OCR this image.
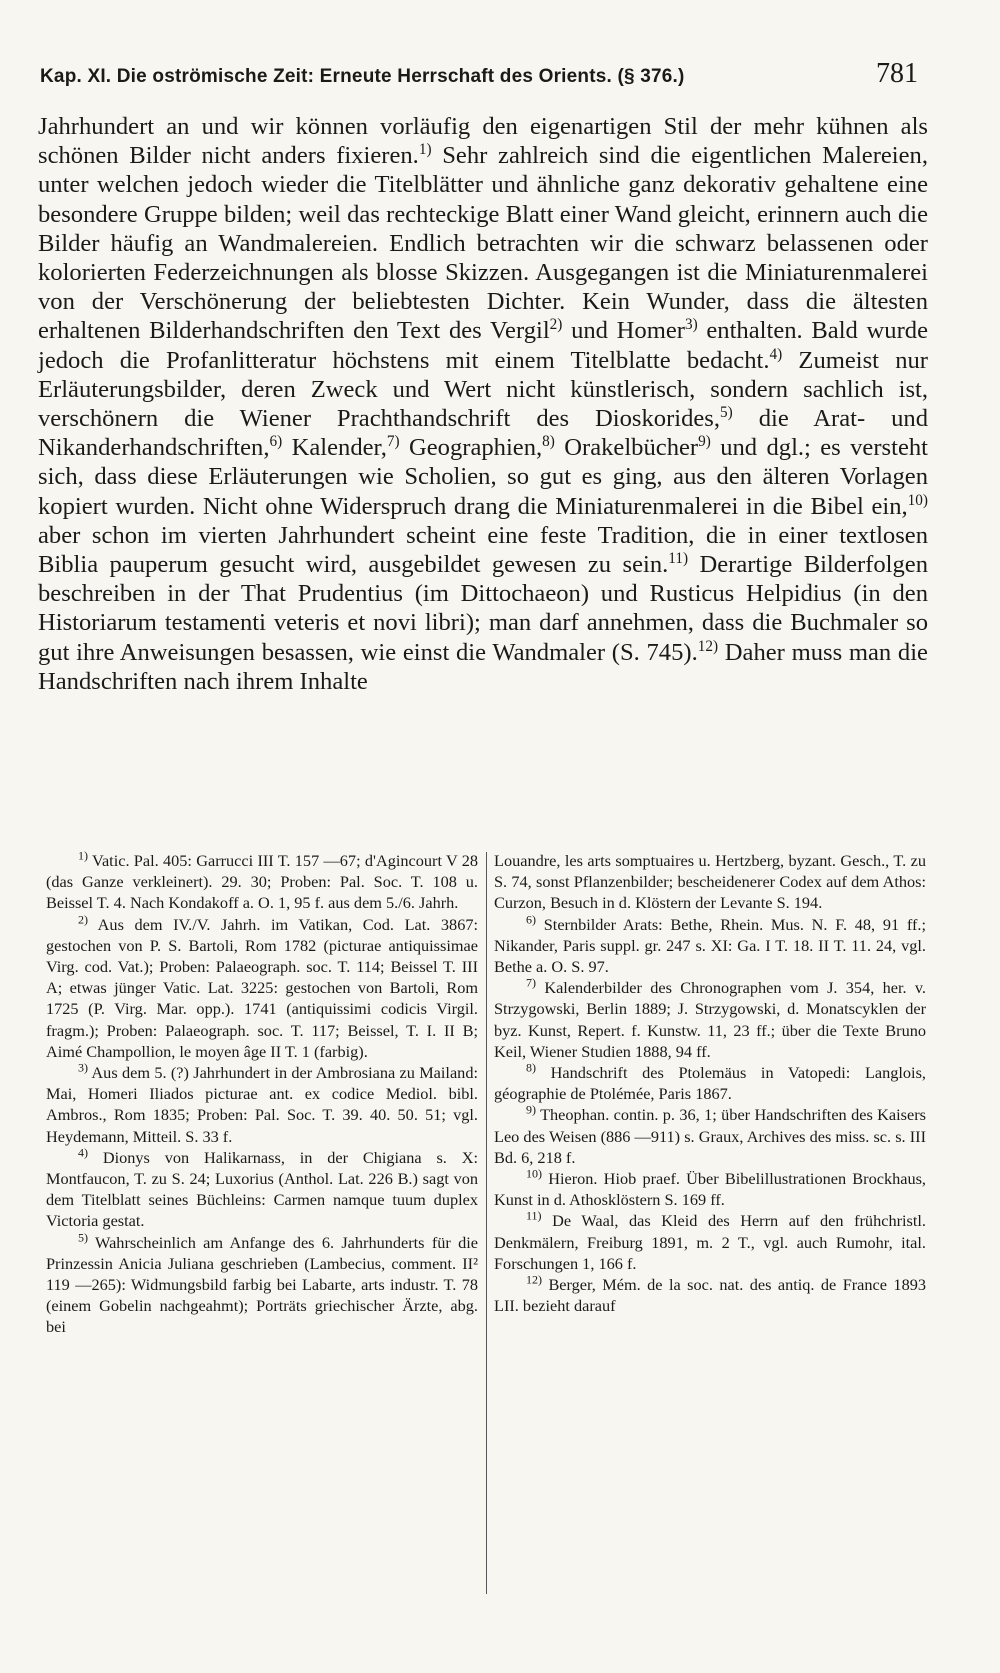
Kap. XI. Die oströmische Zeit: Erneute Herrschaft des Orients. (§ 376.)	781

Jahrhundert an und wir können vorläufig den eigenartigen Stil der mehr kühnen als schönen Bilder nicht anders fixieren.$^{1)}$ Sehr zahlreich sind die eigentlichen Malereien, unter welchen jedoch wieder die Titelblätter und ähnliche ganz dekorativ gehaltene eine besondere Gruppe bilden; weil das rechteckige Blatt einer Wand gleicht, erinnern auch die Bilder häufig an Wandmalereien. Endlich betrachten wir die schwarz belassenen oder kolorierten Federzeichnungen als blosse Skizzen. Ausgegangen ist die Miniaturenmalerei von der Verschönerung der beliebtesten Dichter. Kein Wunder, dass die ältesten erhaltenen Bilderhandschriften den Text des Vergil$^{2)}$ und Homer$^{3)}$ enthalten. Bald wurde jedoch die Profanlitteratur höchstens mit einem Titelblatte bedacht.$^{4)}$ Zumeist nur Erläuterungsbilder, deren Zweck und Wert nicht künstlerisch, sondern sachlich ist, verschönern die Wiener Prachthandschrift des Dioskorides,$^{5)}$ die Arat- und Nikanderhandschriften,$^{6)}$ Kalender,$^{7)}$ Geographien,$^{8)}$ Orakelbücher$^{9)}$ und dgl.; es versteht sich, dass diese Erläuterungen wie Scholien, so gut es ging, aus den älteren Vorlagen kopiert wurden. Nicht ohne Widerspruch drang die Miniaturenmalerei in die Bibel ein,$^{10)}$ aber schon im vierten Jahrhundert scheint eine feste Tradition, die in einer textlosen Biblia pauperum gesucht wird, ausgebildet gewesen zu sein.$^{11)}$ Derartige Bilderfolgen beschreiben in der That Prudentius (im Dittochaeon) und Rusticus Helpidius (in den Historiarum testamenti veteris et novi libri); man darf annehmen, dass die Buchmaler so gut ihre Anweisungen besassen, wie einst die Wandmaler (S. 745).$^{12)}$ Daher muss man die Handschriften nach ihrem Inhalte

$^{1)}$ Vatic. Pal. 405: Garrucci III T. 157 —67; d'Agincourt V 28 (das Ganze verkleinert). 29. 30; Proben: Pal. Soc. T. 108 u. Beissel T. 4. Nach Kondakoff a. O. 1, 95 f. aus dem 5./6. Jahrh.

$^{2)}$ Aus dem IV./V. Jahrh. im Vatikan, Cod. Lat. 3867: gestochen von P. S. Bartoli, Rom 1782 (picturae antiquissimae Virg. cod. Vat.); Proben: Palaeograph. soc. T. 114; Beissel T. III A; etwas jünger Vatic. Lat. 3225: gestochen von Bartoli, Rom 1725 (P. Virg. Mar. opp.). 1741 (antiquissimi codicis Virgil. fragm.); Proben: Palaeograph. soc. T. 117; Beissel, T. I. II B; Aimé Champollion, le moyen âge II T. 1 (farbig).

$^{3)}$ Aus dem 5. (?) Jahrhundert in der Ambrosiana zu Mailand: Mai, Homeri Iliados picturae ant. ex codice Mediol. bibl. Ambros., Rom 1835; Proben: Pal. Soc. T. 39. 40. 50. 51; vgl. Heydemann, Mitteil. S. 33 f.

$^{4)}$ Dionys von Halikarnass, in der Chigiana s. X: Montfaucon, T. zu S. 24; Luxorius (Anthol. Lat. 226 B.) sagt von dem Titelblatt seines Büchleins: Carmen namque tuum duplex Victoria gestat.

$^{5)}$ Wahrscheinlich am Anfange des 6. Jahrhunderts für die Prinzessin Anicia Juliana geschrieben (Lambecius, comment. II² 119 —265): Widmungsbild farbig bei Labarte, arts industr. T. 78 (einem Gobelin nachgeahmt); Porträts griechischer Ärzte, abg. bei

Louandre, les arts somptuaires u. Hertzberg, byzant. Gesch., T. zu S. 74, sonst Pflanzenbilder; bescheidenerer Codex auf dem Athos: Curzon, Besuch in d. Klöstern der Levante S. 194.

$^{6)}$ Sternbilder Arats: Bethe, Rhein. Mus. N. F. 48, 91 ff.; Nikander, Paris suppl. gr. 247 s. XI: Ga. I T. 18. II T. 11. 24, vgl. Bethe a. O. S. 97.

$^{7)}$ Kalenderbilder des Chronographen vom J. 354, her. v. Strzygowski, Berlin 1889; J. Strzygowski, d. Monatscyklen der byz. Kunst, Repert. f. Kunstw. 11, 23 ff.; über die Texte Bruno Keil, Wiener Studien 1888, 94 ff.

$^{8)}$ Handschrift des Ptolemäus in Vatopedi: Langlois, géographie de Ptolémée, Paris 1867.

$^{9)}$ Theophan. contin. p. 36, 1; über Handschriften des Kaisers Leo des Weisen (886 —911) s. Graux, Archives des miss. sc. s. III Bd. 6, 218 f.

$^{10)}$ Hieron. Hiob praef. Über Bibelillustrationen Brockhaus, Kunst in d. Athosklöstern S. 169 ff.

$^{11)}$ De Waal, das Kleid des Herrn auf den frühchristl. Denkmälern, Freiburg 1891, m. 2 T., vgl. auch Rumohr, ital. Forschungen 1, 166 f.

$^{12)}$ Berger, Mém. de la soc. nat. des antiq. de France 1893 LII. bezieht darauf
